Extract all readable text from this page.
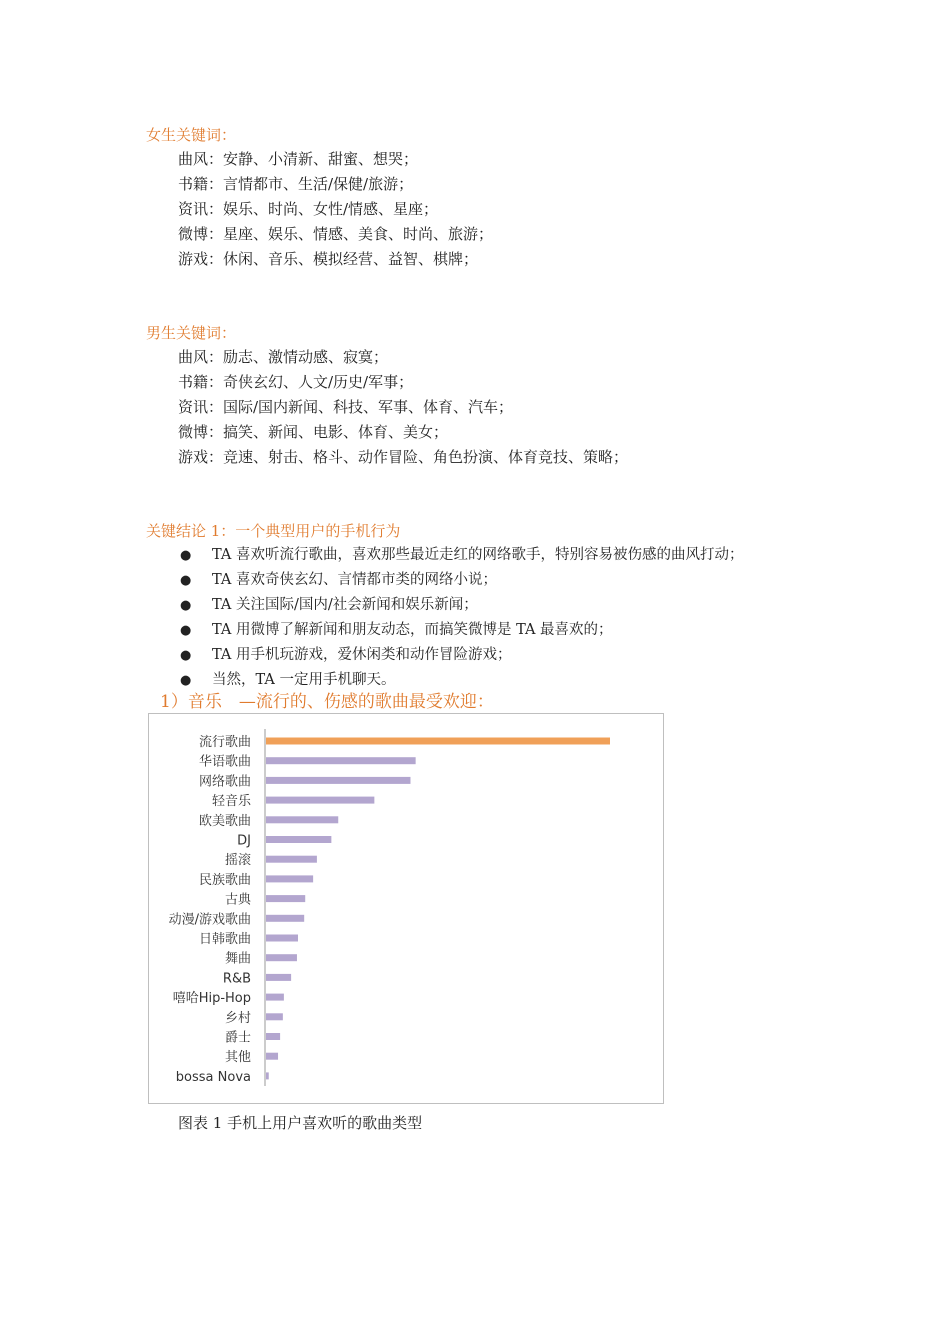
女生关键词：
曲风：安静、小清新、甜蜜、想哭；
书籍：言情都市、生活/保健/旅游；
资讯：娱乐、时尚、女性/情感、星座；
微博：星座、娱乐、情感、美食、时尚、旅游；
游戏：休闲、音乐、模拟经营、益智、棋牌；
男生关键词：
曲风：励志、激情动感、寂寞；
书籍：奇侠玄幻、人文/历史/军事；
资讯：国际/国内新闻、科技、军事、体育、汽车；
微博：搞笑、新闻、电影、体育、美女；
游戏：竞速、射击、格斗、动作冒险、角色扮演、体育竞技、策略；
关键结论 1：一个典型用户的手机行为
● TA 喜欢听流行歌曲，喜欢那些最近走红的网络歌手，特别容易被伤感的曲风打动；
● TA 喜欢奇侠玄幻、言情都市类的网络小说；
● TA 关注国际/国内/社会新闻和娱乐新闻；
● TA 用微博了解新闻和朋友动态，而搞笑微博是 TA 最喜欢的；
● TA 用手机玩游戏，爱休闲类和动作冒险游戏；
● 当然，TA 一定用手机聊天。
1）音乐　—流行的、伤感的歌曲最受欢迎：
流行歌曲
华语歌曲
网络歌曲
轻音乐
欧美歌曲
DJ
摇滚
民族歌曲
古典
动漫/游戏歌曲
日韩歌曲
舞曲
R&B
嘻哈Hip-Hop
乡村
爵士
其他
bossa Nova
图表 1 手机上用户喜欢听的歌曲类型
